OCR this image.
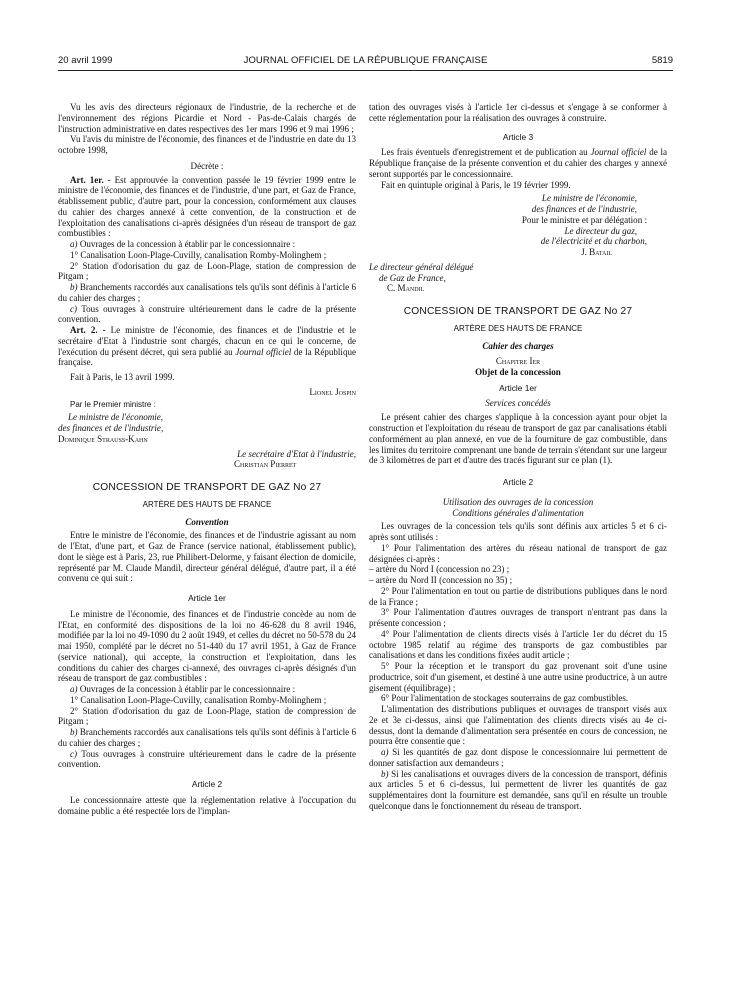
20 avril 1999	JOURNAL OFFICIEL DE LA RÉPUBLIQUE FRANÇAISE	5819

Vu les avis des directeurs régionaux de l'industrie, de la recherche et de l'environnement des régions Picardie et Nord - Pas-de-Calais chargés de l'instruction administrative en dates respectives des 1er mars 1996 et 9 mai 1996 ;

Vu l'avis du ministre de l'économie, des finances et de l'industrie en date du 13 octobre 1998,

Décrète :

Art. 1er. - Est approuvée la convention passée le 19 février 1999 entre le ministre de l'économie, des finances et de l'industrie, d'une part, et Gaz de France, établissement public, d'autre part, pour la concession, conformément aux clauses du cahier des charges annexé à cette convention, de la construction et de l'exploitation des canalisations ci-après désignées d'un réseau de transport de gaz combustibles :

a) Ouvrages de la concession à établir par le concessionnaire :

1° Canalisation Loon-Plage-Cuvilly, canalisation Romby-Molinghem ;

2° Station d'odorisation du gaz de Loon-Plage, station de compression de Pitgam ;

b) Branchements raccordés aux canalisations tels qu'ils sont définis à l'article 6 du cahier des charges ;

c) Tous ouvrages à construire ultérieurement dans le cadre de la présente convention.

Art. 2. - Le ministre de l'économie, des finances et de l'industrie et le secrétaire d'Etat à l'industrie sont chargés, chacun en ce qui le concerne, de l'exécution du présent décret, qui sera publié au Journal officiel de la République française.

Fait à Paris, le 13 avril 1999.

Lionel Jospin

Par le Premier ministre :

Le ministre de l'économie,

des finances et de l'industrie,

Dominique Strauss-Kahn

Le secrétaire d'Etat à l'industrie,

Christian Pierret

CONCESSION DE TRANSPORT DE GAZ No 27

ARTÈRE DES HAUTS DE FRANCE

Convention

Entre le ministre de l'économie, des finances et de l'industrie agissant au nom de l'Etat, d'une part, et Gaz de France (service national, établissement public), dont le siège est à Paris, 23, rue Philibert-Delorme, y faisant élection de domicile, représenté par M. Claude Mandil, directeur général délégué, d'autre part, il a été convenu ce qui suit :

Article 1er

Le ministre de l'économie, des finances et de l'industrie concède au nom de l'Etat, en conformité des dispositions de la loi no 46-628 du 8 avril 1946, modifiée par la loi no 49-1090 du 2 août 1949, et celles du décret no 50-578 du 24 mai 1950, complété par le décret no 51-440 du 17 avril 1951, à Gaz de France (service national), qui accepte, la construction et l'exploitation, dans les conditions du cahier des charges ci-annexé, des ouvrages ci-après désignés d'un réseau de transport de gaz combustibles :

a) Ouvrages de la concession à établir par le concessionnaire :

1° Canalisation Loon-Plage-Cuvilly, canalisation Romby-Molinghem ;

2° Station d'odorisation du gaz de Loon-Plage, station de compression de Pitgam ;

b) Branchements raccordés aux canalisations tels qu'ils sont définis à l'article 6 du cahier des charges ;

c) Tous ouvrages à construire ultérieurement dans le cadre de la présente convention.

Article 2

Le concessionnaire atteste que la réglementation relative à l'occupation du domaine public a été respectée lors de l'implan-

tation des ouvrages visés à l'article 1er ci-dessus et s'engage à se conformer à cette réglementation pour la réalisation des ouvrages à construire.

Article 3

Les frais éventuels d'enregistrement et de publication au Journal officiel de la République française de la présente convention et du cahier des charges y annexé seront supportés par le concessionnaire.

Fait en quintuple original à Paris, le 19 février 1999.

Le ministre de l'économie,

des finances et de l'industrie,

Pour le ministre et par délégation :

Le directeur du gaz,

de l'électricité et du charbon,

J. Batail

Le directeur général délégué

de Gaz de France,

C. Mandil

CONCESSION DE TRANSPORT DE GAZ No 27

ARTÈRE DES HAUTS DE FRANCE

Cahier des charges

Chapitre Ier

Objet de la concession

Article 1er

Services concédés

Le présent cahier des charges s'applique à la concession ayant pour objet la construction et l'exploitation du réseau de transport de gaz par canalisations établi conformément au plan annexé, en vue de la fourniture de gaz combustible, dans les limites du territoire comprenant une bande de terrain s'étendant sur une largeur de 3 kilomètres de part et d'autre des tracés figurant sur ce plan (1).

Article 2

Utilisation des ouvrages de la concession

Conditions générales d'alimentation

Les ouvrages de la concession tels qu'ils sont définis aux articles 5 et 6 ci-après sont utilisés :

1° Pour l'alimentation des artères du réseau national de transport de gaz désignées ci-après :

– artère du Nord I (concession no 23) ;

– artère du Nord II (concession no 35) ;

2° Pour l'alimentation en tout ou partie de distributions publiques dans le nord de la France ;

3° Pour l'alimentation d'autres ouvrages de transport n'entrant pas dans la présente concession ;

4° Pour l'alimentation de clients directs visés à l'article 1er du décret du 15 octobre 1985 relatif au régime des transports de gaz combustibles par canalisations et dans les conditions fixées audit article ;

5° Pour la réception et le transport du gaz provenant soit d'une usine productrice, soit d'un gisement, et destiné à une autre usine productrice, à un autre gisement (équilibrage) ;

6° Pour l'alimentation de stockages souterrains de gaz combustibles.

L'alimentation des distributions publiques et ouvrages de transport visés aux 2e et 3e ci-dessus, ainsi que l'alimentation des clients directs visés au 4e ci-dessus, dont la demande d'alimentation sera présentée en cours de concession, ne pourra être consentie que :

a) Si les quantités de gaz dont dispose le concessionnaire lui permettent de donner satisfaction aux demandeurs ;

b) Si les canalisations et ouvrages divers de la concession de transport, définis aux articles 5 et 6 ci-dessus, lui permettent de livrer les quantités de gaz supplémentaires dont la fourniture est demandée, sans qu'il en résulte un trouble quelconque dans le fonctionnement du réseau de transport.
